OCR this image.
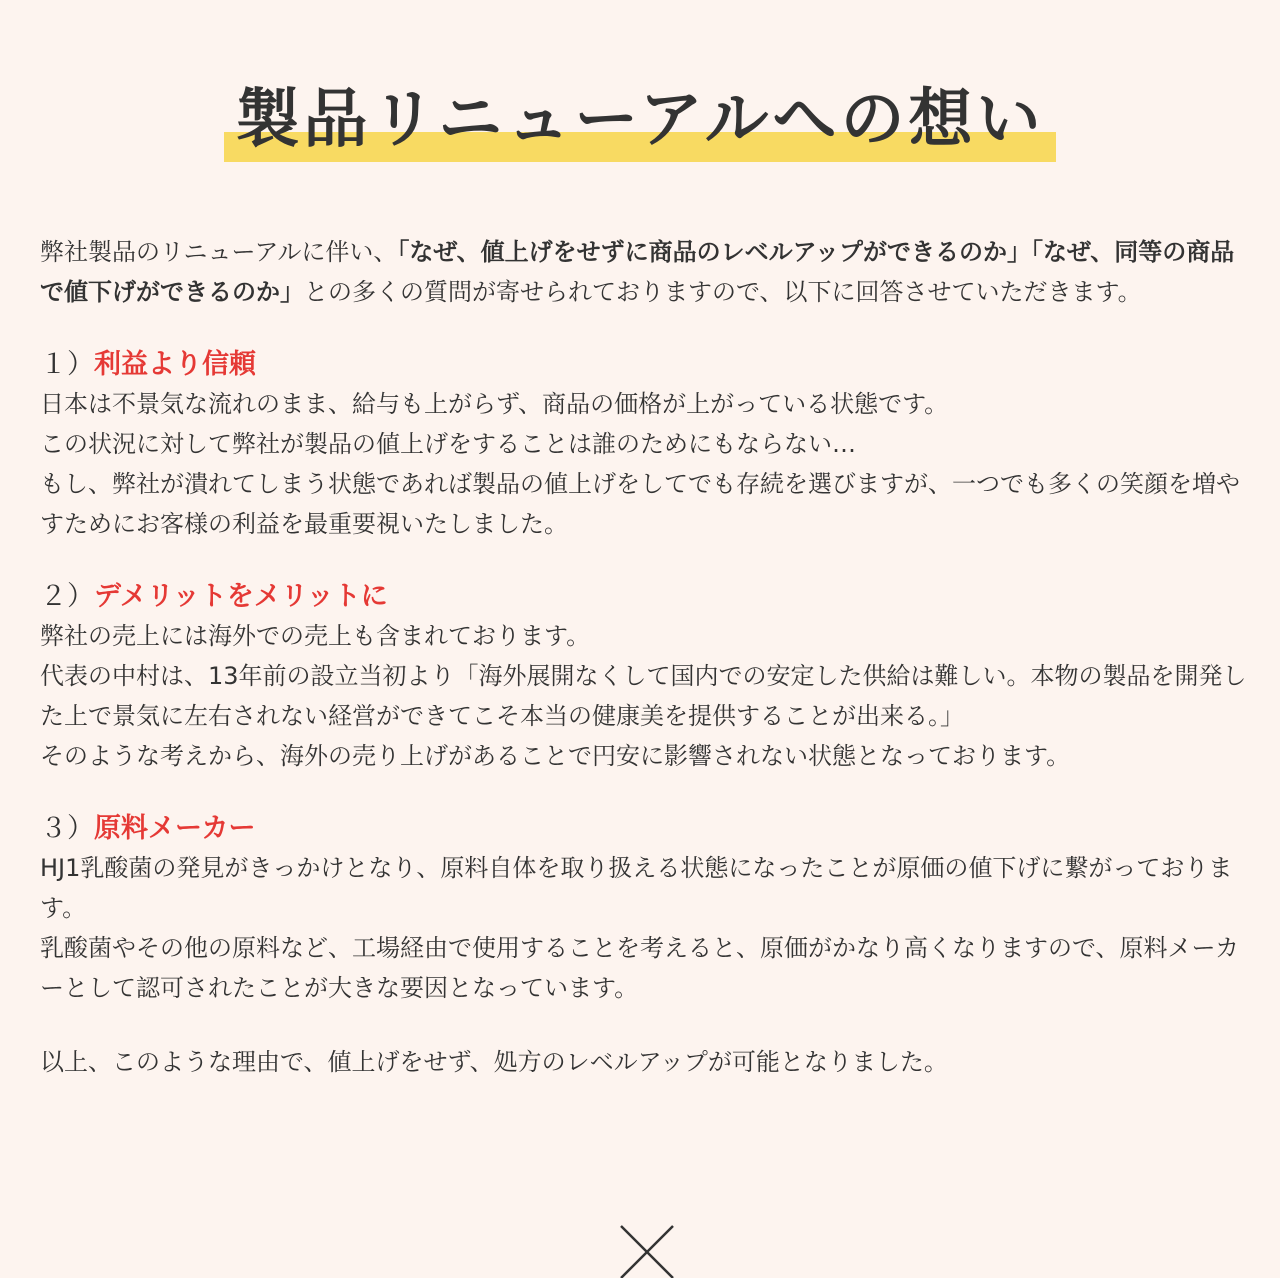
製品リニューアルへの想い

弊社製品のリニューアルに伴い、「なぜ、値上げをせずに商品のレベルアップができるのか」「なぜ、同等の商品で値下げができるのか」との多くの質問が寄せられておりますので、以下に回答させていただきます。

１）利益より信頼

日本は不景気な流れのまま、給与も上がらず、商品の価格が上がっている状態です。

この状況に対して弊社が製品の値上げをすることは誰のためにもならない…

もし、弊社が潰れてしまう状態であれば製品の値上げをしてでも存続を選びますが、一つでも多くの笑顔を増やすためにお客様の利益を最重要視いたしました。

２）デメリットをメリットに

弊社の売上には海外での売上も含まれております。

代表の中村は、13年前の設立当初より「海外展開なくして国内での安定した供給は難しい。本物の製品を開発した上で景気に左右されない経営ができてこそ本当の健康美を提供することが出来る。」

そのような考えから、海外の売り上げがあることで円安に影響されない状態となっております。

３）原料メーカー

HJ1乳酸菌の発見がきっかけとなり、原料自体を取り扱える状態になったことが原価の値下げに繋がっております。

乳酸菌やその他の原料など、工場経由で使用することを考えると、原価がかなり高くなりますので、原料メーカーとして認可されたことが大きな要因となっています。

以上、このような理由で、値上げをせず、処方のレベルアップが可能となりました。
